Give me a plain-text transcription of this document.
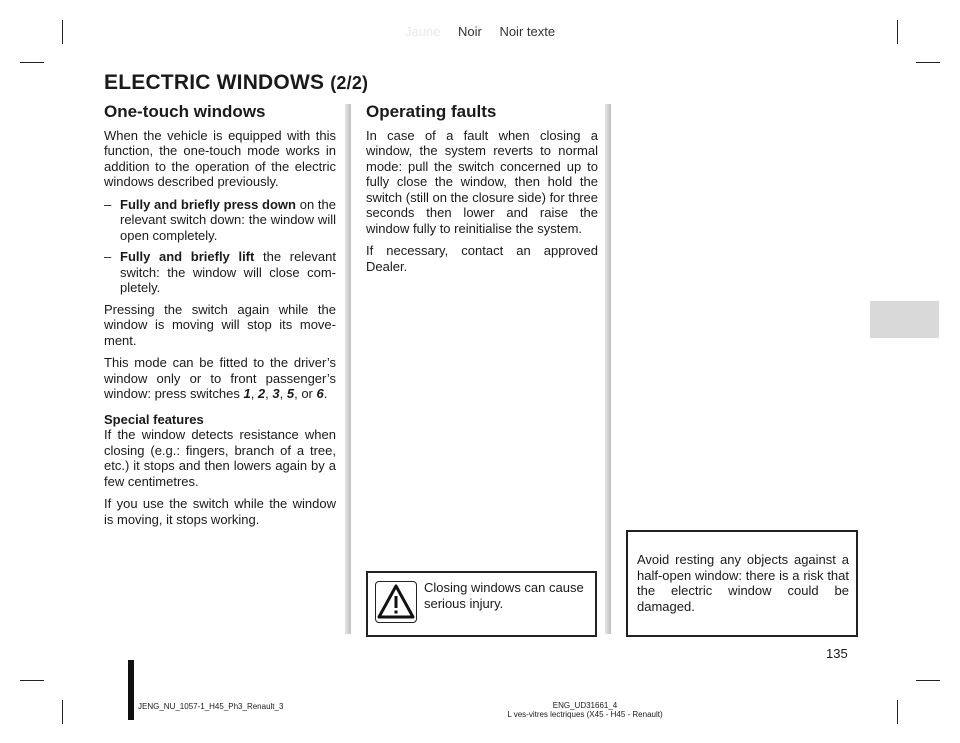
Jaune Noir Noir texte
ELECTRIC WINDOWS (2/2)
One-touch windows

When the vehicle is equipped with this function, the one-touch mode works in addition to the operation of the electric windows described previously.

– Fully and briefly press down on the relevant switch down: the window will open completely.
– Fully and briefly lift the relevant switch: the window will close com-pletely.

Pressing the switch again while the window is moving will stop its move-ment.

This mode can be fitted to the driver’s window only or to front passenger’s window: press switches 1, 2, 3, 5, or 6.

Special features

If the window detects resistance when closing (e.g.: fingers, branch of a tree, etc.) it stops and then lowers again by a few centimetres.

If you use the switch while the window is moving, it stops working.

Operating faults

In case of a fault when closing a window, the system reverts to normal mode: pull the switch concerned up to fully close the window, then hold the switch (still on the closure side) for three seconds then lower and raise the window fully to reinitialise the system.

If necessary, contact an approved Dealer.

Closing windows can cause serious injury.
Avoid resting any objects against a half-open window: there is a risk that the electric window could be damaged.
135
JENG_NU_1057-1_H45_Ph3_Renault_3	ENG_UD31661_4
L ves-vitres lectriques (X45 - H45 - Renault)
